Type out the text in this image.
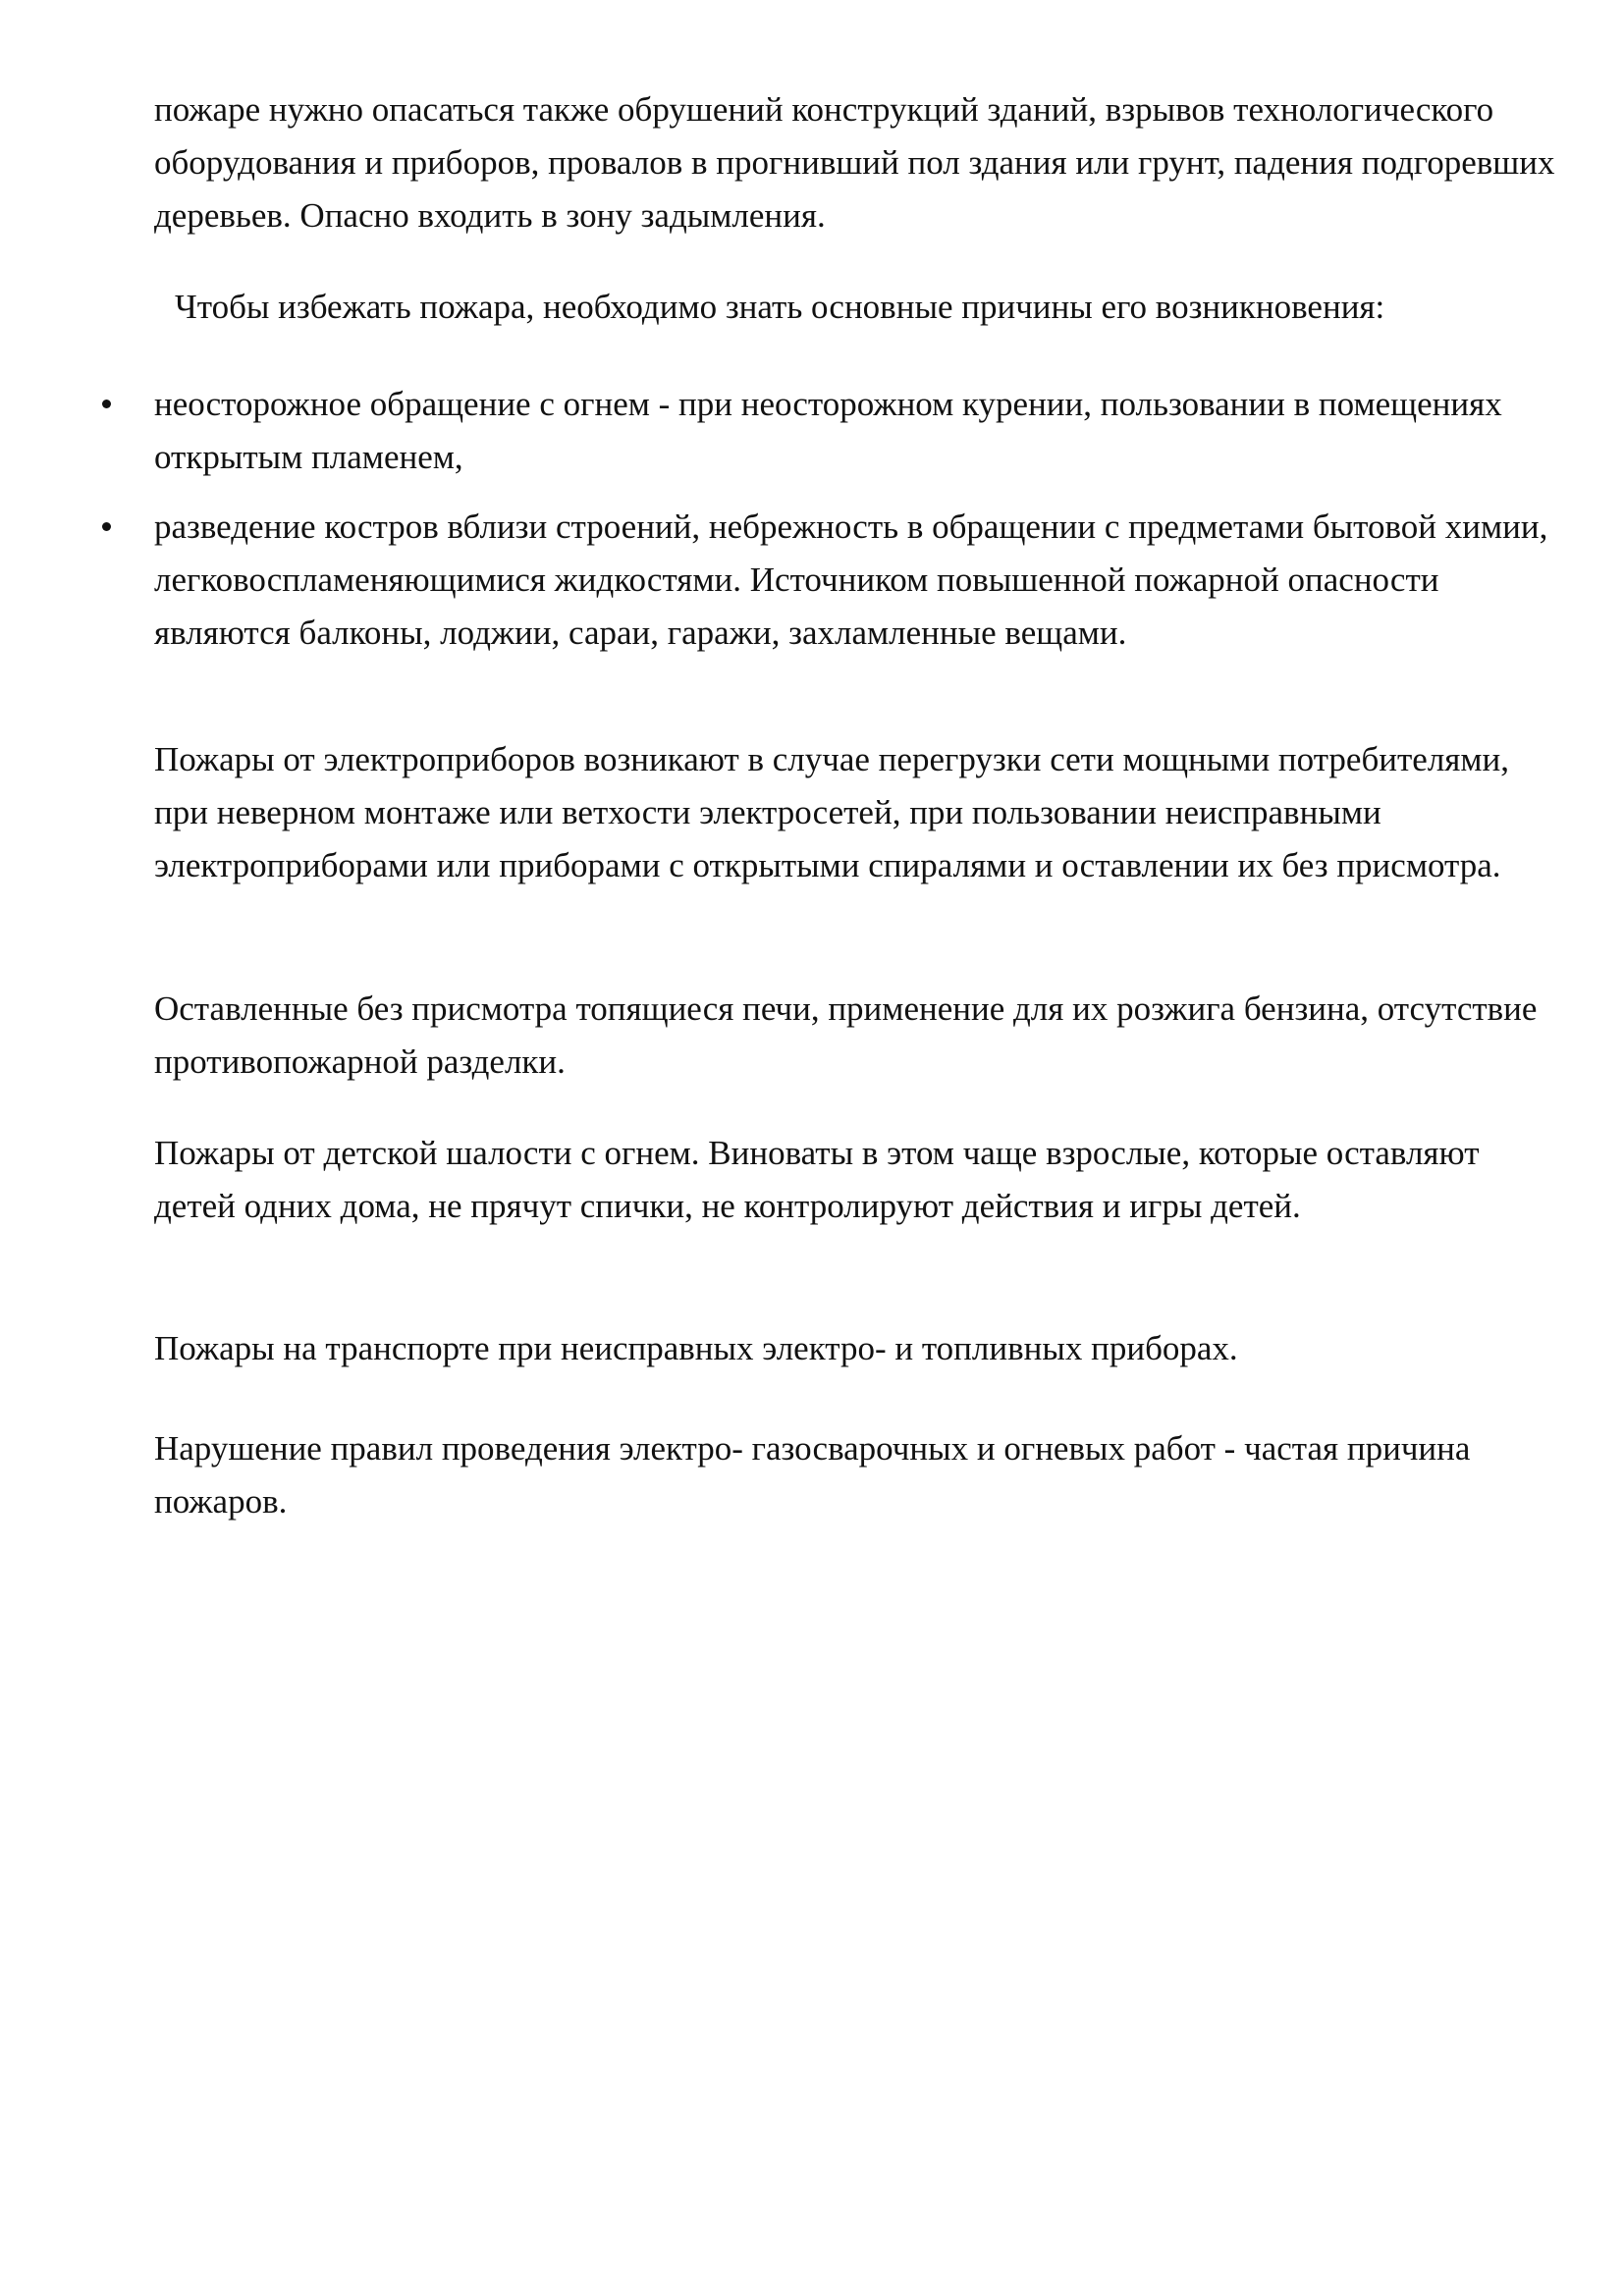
пожаре нужно опасаться также обрушений конструкций зданий, взрывов технологического оборудования и приборов, провалов в прогнивший пол здания или грунт, падения подгоревших деревьев. Опасно входить в зону задымления.

Чтобы избежать пожара, необходимо знать основные причины его возникновения:

неосторожное обращение с огнем - при неосторожном курении, пользовании в помещениях открытым пламенем,
разведение костров вблизи строений, небрежность в обращении с предметами бытовой химии, легковоспламеняющимися жидкостями. Источником повышенной пожарной опасности являются балконы, лоджии, сараи, гаражи, захламленные вещами.

Пожары от электроприборов возникают в случае перегрузки сети мощными потребителями, при неверном монтаже или ветхости электросетей, при пользовании неисправными электроприборами или приборами с открытыми спиралями и оставлении их без присмотра.

Оставленные без присмотра топящиеся печи, применение для их розжига бензина, отсутствие противопожарной разделки.

Пожары от детской шалости с огнем. Виноваты в этом чаще взрослые, которые оставляют детей одних дома, не прячут спички, не контролируют действия и игры детей.

Пожары на транспорте при неисправных электро- и топливных приборах.

Нарушение правил проведения электро- газосварочных и огневых работ - частая причина пожаров.
